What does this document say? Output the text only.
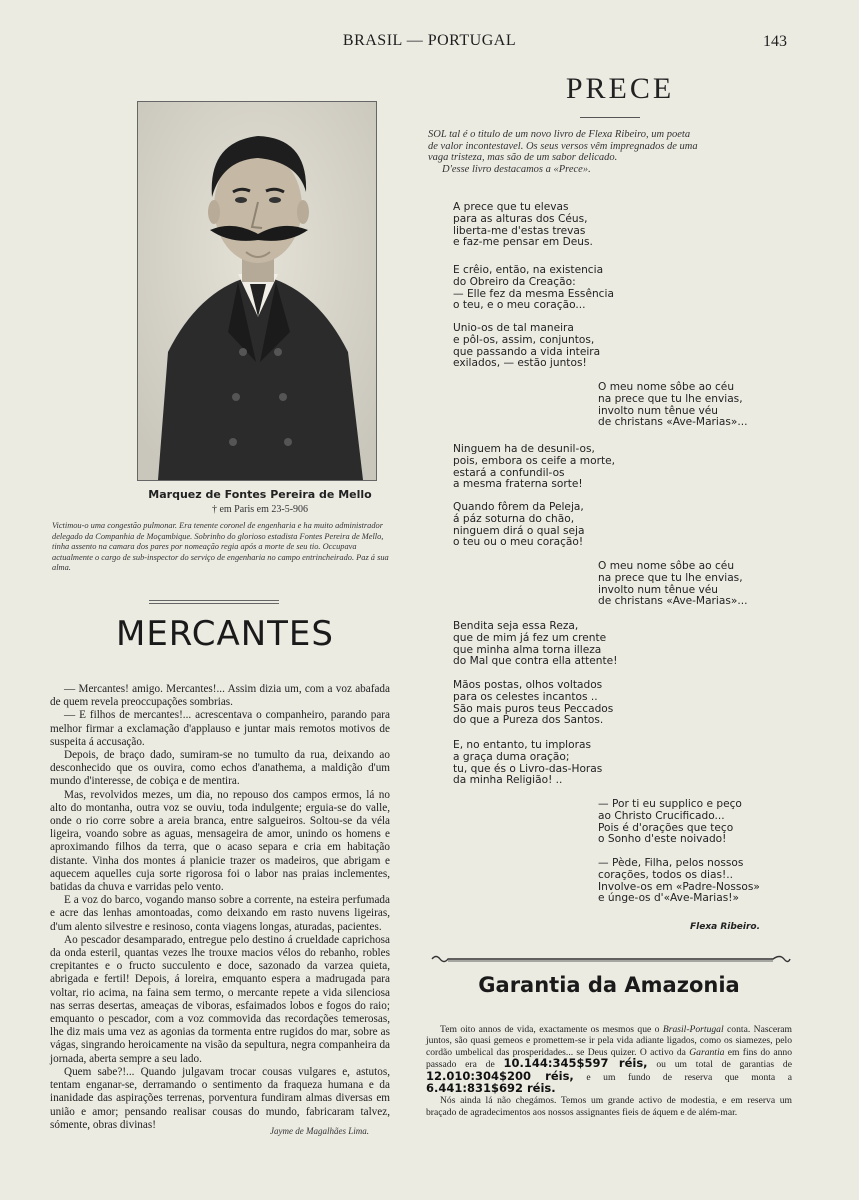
BRASIL — PORTUGAL	143
Marquez de Fontes Pereira de Mello
† em Paris em 23-5-906
Victimou-o uma congestão pulmonar. Era tenente coronel de engenharia e ha muito administrador delegado da Companhia de Moçambique. Sobrinho do glorioso estadista Fontes Pereira de Mello, tinha assento na camara dos pares por nomeação regia após a morte de seu tio. Occupava actualmente o cargo de sub-inspector do serviço de engenharia no campo entrincheirado. Paz á sua alma.
MERCANTES

— Mercantes! amigo. Mercantes!... Assim dizia um, com a voz abafada de quem revela preoccupações sombrias.

— E filhos de mercantes!... acrescentava o companheiro, parando para melhor firmar a exclamação d'applauso e juntar mais remotos motivos de suspeita á accusação.

Depois, de braço dado, sumiram-se no tumulto da rua, deixando ao desconhecido que os ouvira, como echos d'anathema, a maldição d'um mundo d'interesse, de cobiça e de mentira.

Mas, revolvidos mezes, um dia, no repouso dos campos ermos, lá no alto do montanha, outra voz se ouviu, toda indulgente; erguia-se do valle, onde o rio corre sobre a areia branca, entre salgueiros. Soltou-se da véla ligeira, voando sobre as aguas, mensageira de amor, unindo os homens e aproximando filhos da terra, que o acaso separa e cria em habitação distante. Vinha dos montes á planicie trazer os madeiros, que abrigam e aquecem aquelles cuja sorte rigorosa foi o labor nas praias inclementes, batidas da chuva e varridas pelo vento.

E a voz do barco, vogando manso sobre a corrente, na esteira perfumada e acre das lenhas amontoadas, como deixando em rasto nuvens ligeiras, d'um alento silvestre e resinoso, conta viagens longas, aturadas, pacientes.

Ao pescador desamparado, entregue pelo destino á crueldade caprichosa da onda esteril, quantas vezes lhe trouxe macios vélos do rebanho, robles crepitantes e o fructo succulento e doce, sazonado da varzea quieta, abrigada e fertil! Depois, á loreira, emquanto espera a madrugada para voltar, rio acima, na faina sem termo, o mercante repete a vida silenciosa nas serras desertas, ameaças de viboras, esfaimados lobos e fogos do raio; emquanto o pescador, com a voz commovida das recordações temerosas, lhe diz mais uma vez as agonias da tormenta entre rugidos do mar, sobre as vágas, singrando heroicamente na visão da sepultura, negra companheira da jornada, aberta sempre a seu lado.

Quem sabe?!... Quando julgavam trocar cousas vulgares e, astutos, tentam enganar-se, derramando o sentimento da fraqueza humana e da inanidade das aspirações terrenas, porventura fundiram almas diversas em união e amor; pensando realisar cousas do mundo, fabricaram talvez, sómente, obras divinas!

Jayme de Magalhães Lima.
PRECE
SOL tal é o titulo de um novo livro de Flexa Ribeiro, um poeta
de valor incontestavel. Os seus versos vêm impregnados de uma
vaga tristeza, mas são de um sabor delicado.
D'esse livro destacamos a «Prece».
A prece que tu elevas
para as alturas dos Céus,
liberta-me d'estas trevas
e faz-me pensar em Deus.
E crêio, então, na existencia
do Obreiro da Creação:
— Elle fez da mesma Essência
o teu, e o meu coração...
Unio-os de tal maneira
e pôl-os, assim, conjuntos,
que passando a vida inteira
exilados, — estão juntos!
O meu nome sôbe ao céu
na prece que tu lhe envias,
involto num tênue véu
de christans «Ave-Marias»...
Ninguem ha de desunil-os,
pois, embora os ceife a morte,
estará a confundil-os
a mesma fraterna sorte!
Quando fôrem da Peleja,
á páz soturna do chão,
ninguem dirá o qual seja
o teu ou o meu coração!
O meu nome sôbe ao céu
na prece que tu lhe envias,
involto num tênue véu
de christans «Ave-Marias»...
Bendita seja essa Reza,
que de mim já fez um crente
que minha alma torna illeza
do Mal que contra ella attente!
Mãos postas, olhos voltados
para os celestes incantos ..
São mais puros teus Peccados
do que a Pureza dos Santos.
E, no entanto, tu imploras
a graça duma oração;
tu, que és o Livro-das-Horas
da minha Religião! ..
— Por ti eu supplico e peço
ao Christo Crucificado...
Pois é d'orações que teço
o Sonho d'este noivado!
— Pède, Filha, pelos nossos
corações, todos os dias!..
Involve-os em «Padre-Nossos»
e únge-os d'«Ave-Marias!»
Flexa Ribeiro.
Garantia da Amazonia

Tem oito annos de vida, exactamente os mesmos que o Brasil-Portugal conta. Nasceram juntos, são quasi gemeos e promettem-se ir pela vida adiante ligados, como os siamezes, pelo cordão umbelical das prosperidades... se Deus quizer. O activo da Garantia em fins do anno passado era de 10.144:345$597 réis, ou um total de garantias de 12.010:304$200 réis, e um fundo de reserva que monta a 6.441:831$692 réis.

Nós ainda lá não chegámos. Temos um grande activo de modestia, e em reserva um braçado de agradecimentos aos nossos assignantes fieis de áquem e de além-mar.
